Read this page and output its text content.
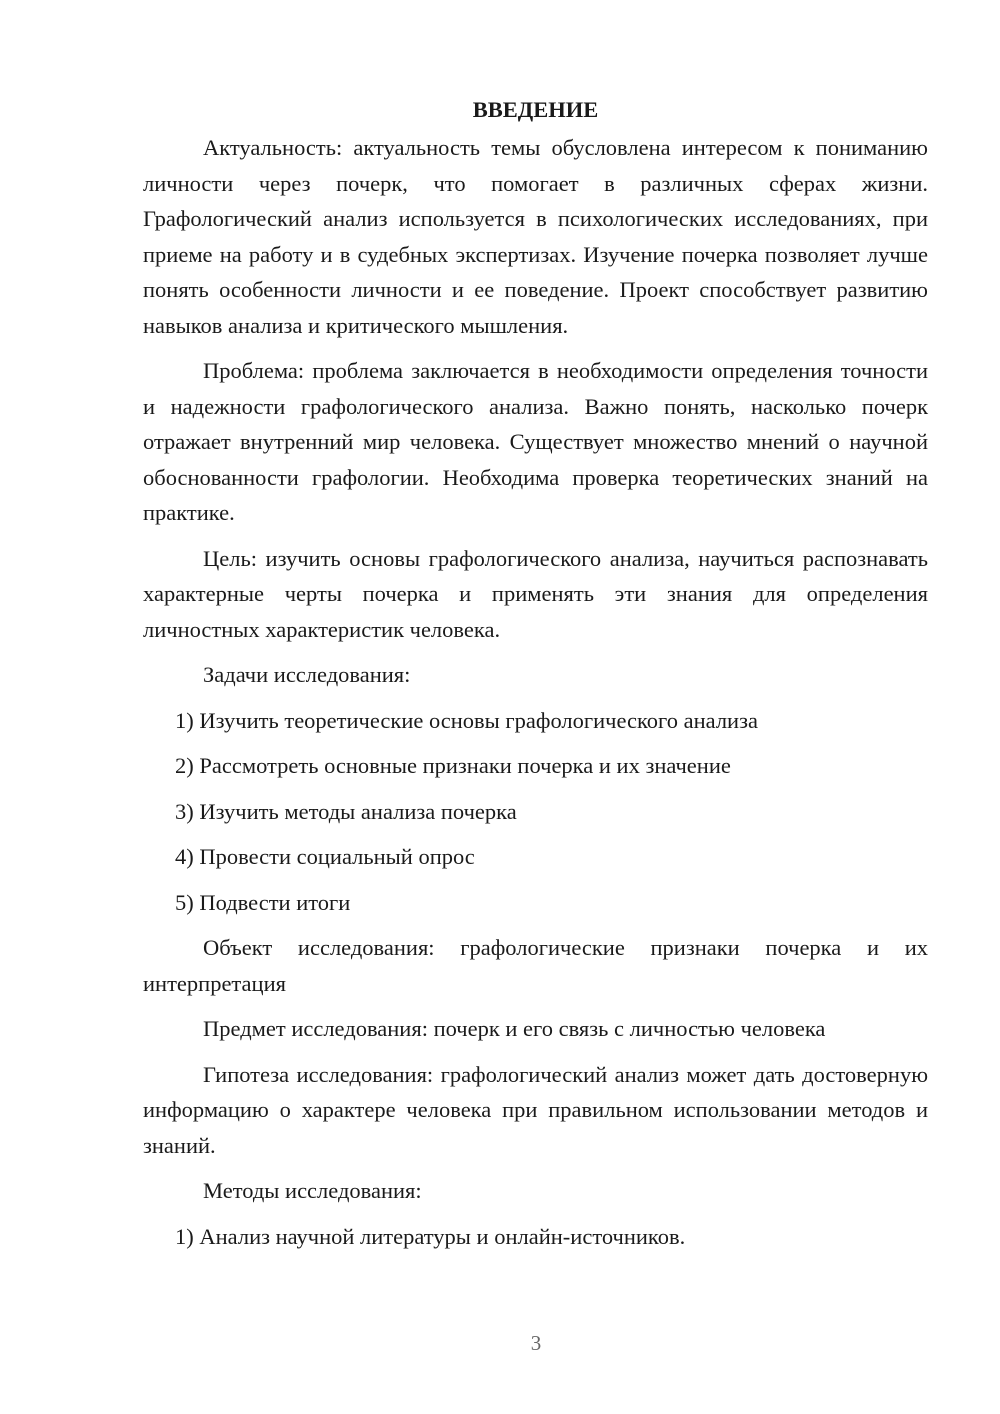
ВВЕДЕНИЕ

Актуальность: актуальность темы обусловлена интересом к пониманию личности через почерк, что помогает в различных сферах жизни. Графологический анализ используется в психологических исследованиях, при приеме на работу и в судебных экспертизах. Изучение почерка позволяет лучше понять особенности личности и ее поведение. Проект способствует развитию навыков анализа и критического мышления.

Проблема: проблема заключается в необходимости определения точности и надежности графологического анализа. Важно понять, насколько почерк отражает внутренний мир человека. Существует множество мнений о научной обоснованности графологии. Необходима проверка теоретических знаний на практике.

Цель: изучить основы графологического анализа, научиться распознавать характерные черты почерка и применять эти знания для определения личностных характеристик человека.

Задачи исследования:

1) Изучить теоретические основы графологического анализа

2) Рассмотреть основные признаки почерка и их значение

3) Изучить методы анализа почерка

4) Провести социальный опрос

5) Подвести итоги

Объект исследования: графологические признаки почерка и их интерпретация

Предмет исследования: почерк и его связь с личностью человека

Гипотеза исследования: графологический анализ может дать достоверную информацию о характере человека при правильном использовании методов и знаний.

Методы исследования:

1) Анализ научной литературы и онлайн-источников.

3
